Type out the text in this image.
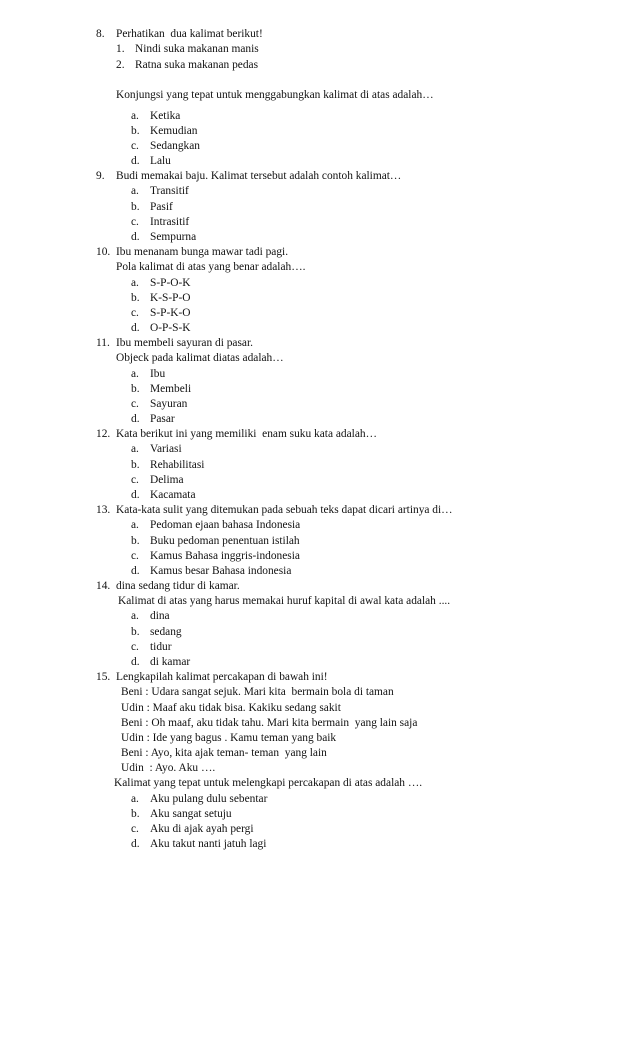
8. Perhatikan  dua kalimat berikut!
1. Nindi suka makanan manis
2. Ratna suka makanan pedas
Konjungsi yang tepat untuk menggabungkan kalimat di atas adalah…
a. Ketika
b. Kemudian
c. Sedangkan
d. Lalu
9. Budi memakai baju. Kalimat tersebut adalah contoh kalimat…
a. Transitif
b. Pasif
c. Intrasitif
d. Sempurna
10. Ibu menanam bunga mawar tadi pagi.
Pola kalimat di atas yang benar adalah….
a. S-P-O-K
b. K-S-P-O
c. S-P-K-O
d. O-P-S-K
11. Ibu membeli sayuran di pasar.
Objeck pada kalimat diatas adalah…
a. Ibu
b. Membeli
c. Sayuran
d. Pasar
12. Kata berikut ini yang memiliki  enam suku kata adalah…
a. Variasi
b. Rehabilitasi
c. Delima
d. Kacamata
13. Kata-kata sulit yang ditemukan pada sebuah teks dapat dicari artinya di…
a. Pedoman ejaan bahasa Indonesia
b. Buku pedoman penentuan istilah
c. Kamus Bahasa inggris-indonesia
d. Kamus besar Bahasa indonesia
14. dina sedang tidur di kamar.
Kalimat di atas yang harus memakai huruf kapital di awal kata adalah ....
a. dina
b. sedang
c. tidur
d. di kamar
15. Lengkapilah kalimat percakapan di bawah ini!
Beni : Udara sangat sejuk. Mari kita  bermain bola di taman
Udin : Maaf aku tidak bisa. Kakiku sedang sakit
Beni : Oh maaf, aku tidak tahu. Mari kita bermain  yang lain saja
Udin : Ide yang bagus . Kamu teman yang baik
Beni : Ayo, kita ajak teman- teman  yang lain
Udin  : Ayo. Aku ….
Kalimat yang tepat untuk melengkapi percakapan di atas adalah ….
a. Aku pulang dulu sebentar
b. Aku sangat setuju
c. Aku di ajak ayah pergi
d. Aku takut nanti jatuh lagi
